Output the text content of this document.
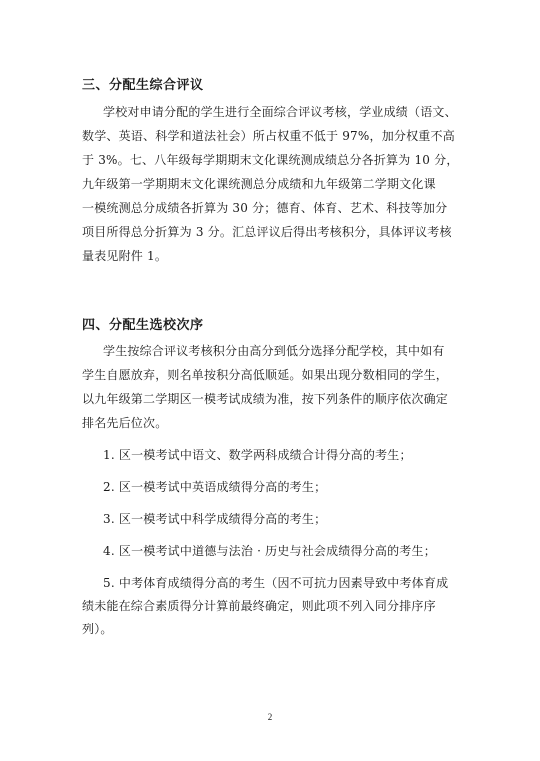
三、分配生综合评议
学校对申请分配的学生进行全面综合评议考核，学业成绩（语文、
数学、英语、科学和道法社会）所占权重不低于 97%，加分权重不高
于 3%。七、八年级每学期期末文化课统测成绩总分各折算为 10 分，
九年级第一学期期末文化课统测总分成绩和九年级第二学期文化课
一模统测总分成绩各折算为 30 分；德育、体育、艺术、科技等加分
项目所得总分折算为 3 分。汇总评议后得出考核积分，具体评议考核
量表见附件 1。
四、分配生选校次序
学生按综合评议考核积分由高分到低分选择分配学校，其中如有
学生自愿放弃，则名单按积分高低顺延。如果出现分数相同的学生，
以九年级第二学期区一模考试成绩为准，按下列条件的顺序依次确定
排名先后位次。
1. 区一模考试中语文、数学两科成绩合计得分高的考生；
2. 区一模考试中英语成绩得分高的考生；
3. 区一模考试中科学成绩得分高的考生；
4. 区一模考试中道德与法治 · 历史与社会成绩得分高的考生；
5. 中考体育成绩得分高的考生（因不可抗力因素导致中考体育成
绩未能在综合素质得分计算前最终确定，则此项不列入同分排序序
列）。
2
